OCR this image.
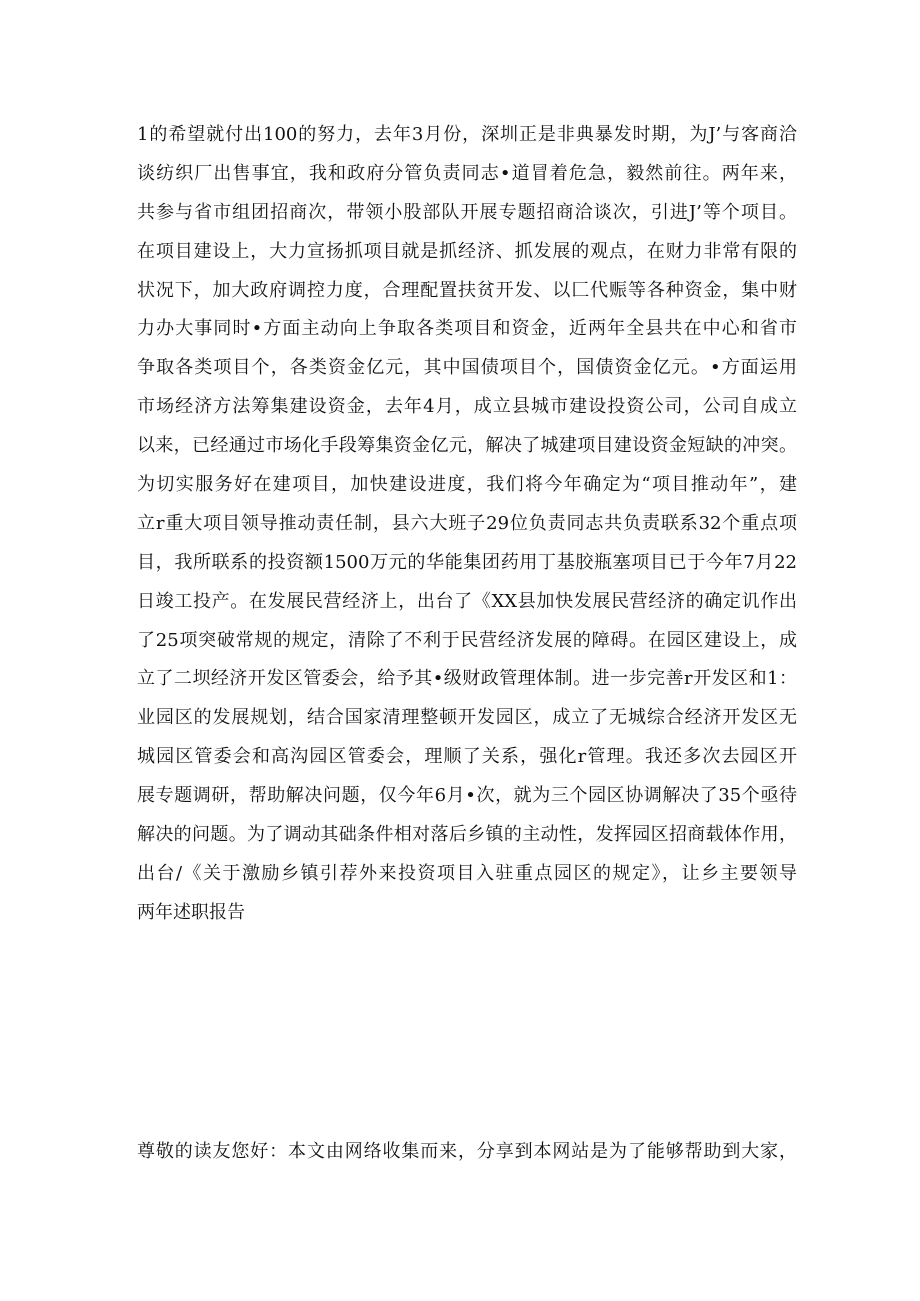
1的希望就付出100的努力，去年3月份，深圳正是非典暴发时期，为J’与客商洽
谈纺织厂出售事宜，我和政府分管负责同志•道冒着危急，毅然前往。两年来，
共参与省市组团招商次，带领小股部队开展专题招商洽谈次，引进J’等个项目。
在项目建设上，大力宣扬抓项目就是抓经济、抓发展的观点，在财力非常有限的
状况下，加大政府调控力度，合理配置扶贫开发、以匚代赈等各种资金，集中财
力办大事同时•方面主动向上争取各类项目和资金，近两年全县共在中心和省市
争取各类项目个，各类资金亿元，其中国债项目个，国债资金亿元。•方面运用
市场经济方法筹集建设资金，去年4月，成立县城市建设投资公司，公司自成立
以来，已经通过市场化手段筹集资金亿元，解决了城建项目建设资金短缺的冲突。
为切实服务好在建项目，加快建设进度，我们将今年确定为“项目推动年”，建
立r重大项目领导推动责任制，县六大班子29位负责同志共负责联系32个重点项
目，我所联系的投资额1500万元的华能集团药用丁基胶瓶塞项目已于今年7月22
日竣工投产。在发展民营经济上，出台了《XX县加快发展民营经济的确定讥作出
了25项突破常规的规定，清除了不利于民营经济发展的障碍。在园区建设上，成
立了二坝经济开发区管委会，给予其•级财政管理体制。进一步完善r开发区和1：
业园区的发展规划，结合国家清理整顿开发园区，成立了无城综合经济开发区无
城园区管委会和高沟园区管委会，理顺了关系，强化r管理。我还多次去园区开
展专题调研，帮助解决问题，仅今年6月•次，就为三个园区协调解决了35个亟待
解决的问题。为了调动其础条件相对落后乡镇的主动性，发挥园区招商载体作用，
出台/《关于激励乡镇引荐外来投资项目入驻重点园区的规定》，让乡主要领导
两年述职报告
尊敬的读友您好：本文由网络收集而来，分享到本网站是为了能够帮助到大家，
